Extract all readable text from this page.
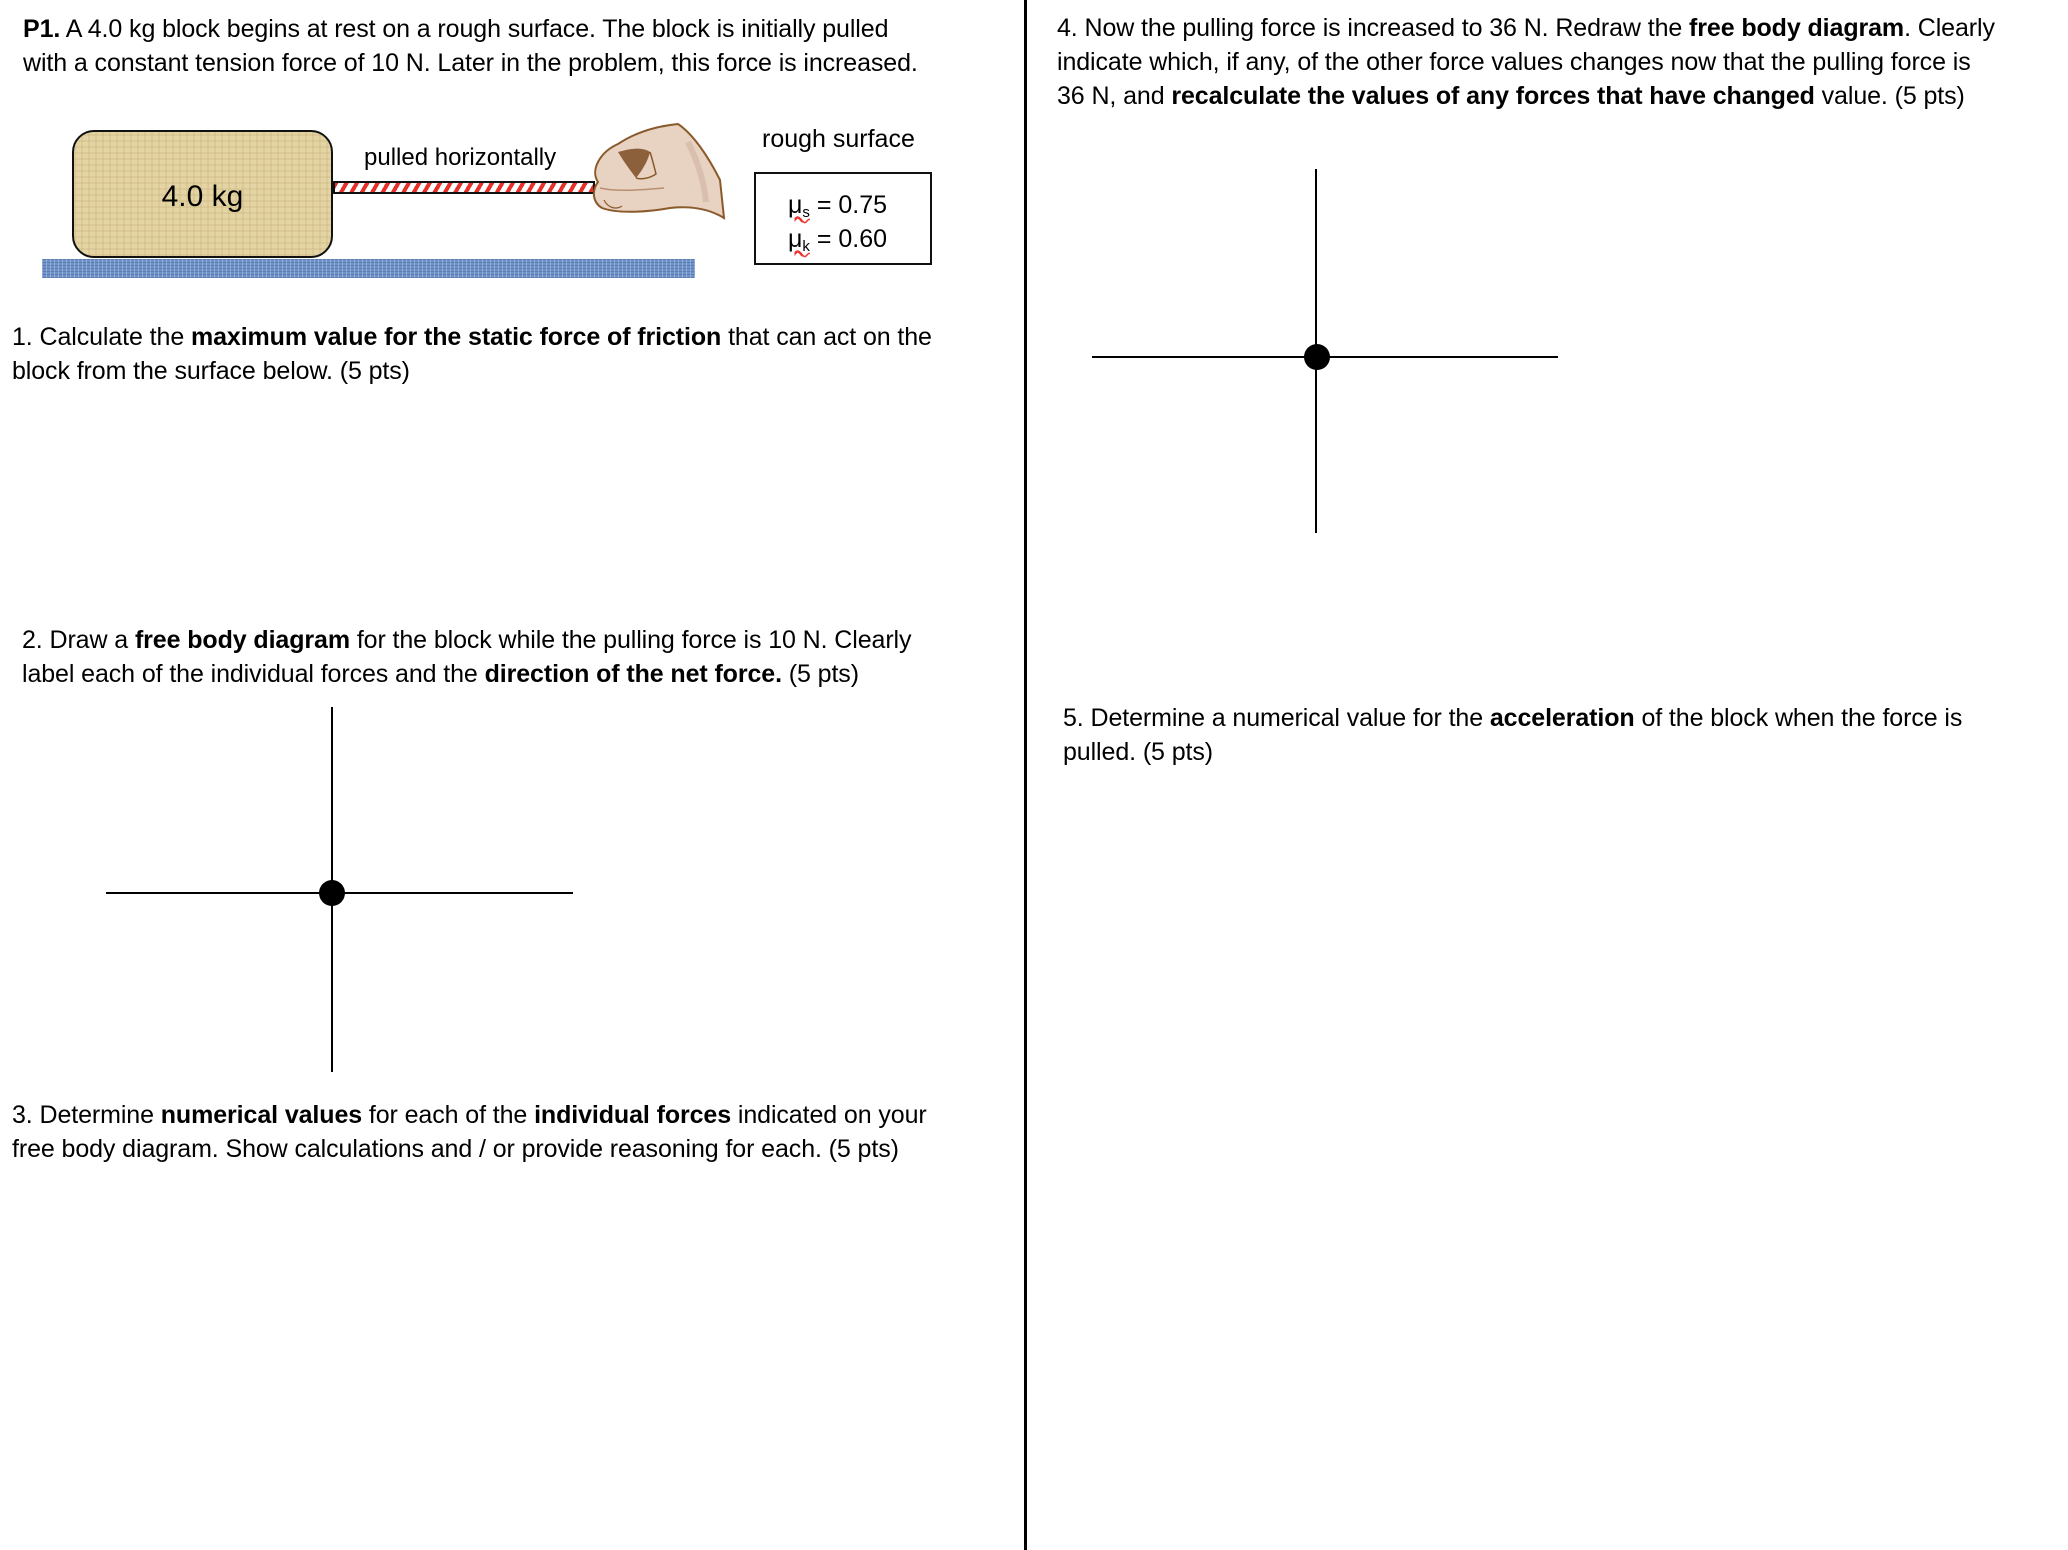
P1. A 4.0 kg block begins at rest on a rough surface. The block is initially pulled
with a constant tension force of 10 N. Later in the problem, this force is increased.
4.0 kg
pulled horizontally
rough surface
$\mu_s = 0.75$
$\mu_k = 0.60$
1. Calculate the maximum value for the static force of friction that can act on the
block from the surface below. (5 pts)
2. Draw a free body diagram for the block while the pulling force is 10 N. Clearly
label each of the individual forces and the direction of the net force. (5 pts)
3. Determine numerical values for each of the individual forces indicated on your
free body diagram. Show calculations and / or provide reasoning for each. (5 pts)
4. Now the pulling force is increased to 36 N. Redraw the free body diagram. Clearly
indicate which, if any, of the other force values changes now that the pulling force is
36 N, and recalculate the values of any forces that have changed value. (5 pts)
5. Determine a numerical value for the acceleration of the block when the force is
pulled. (5 pts)
